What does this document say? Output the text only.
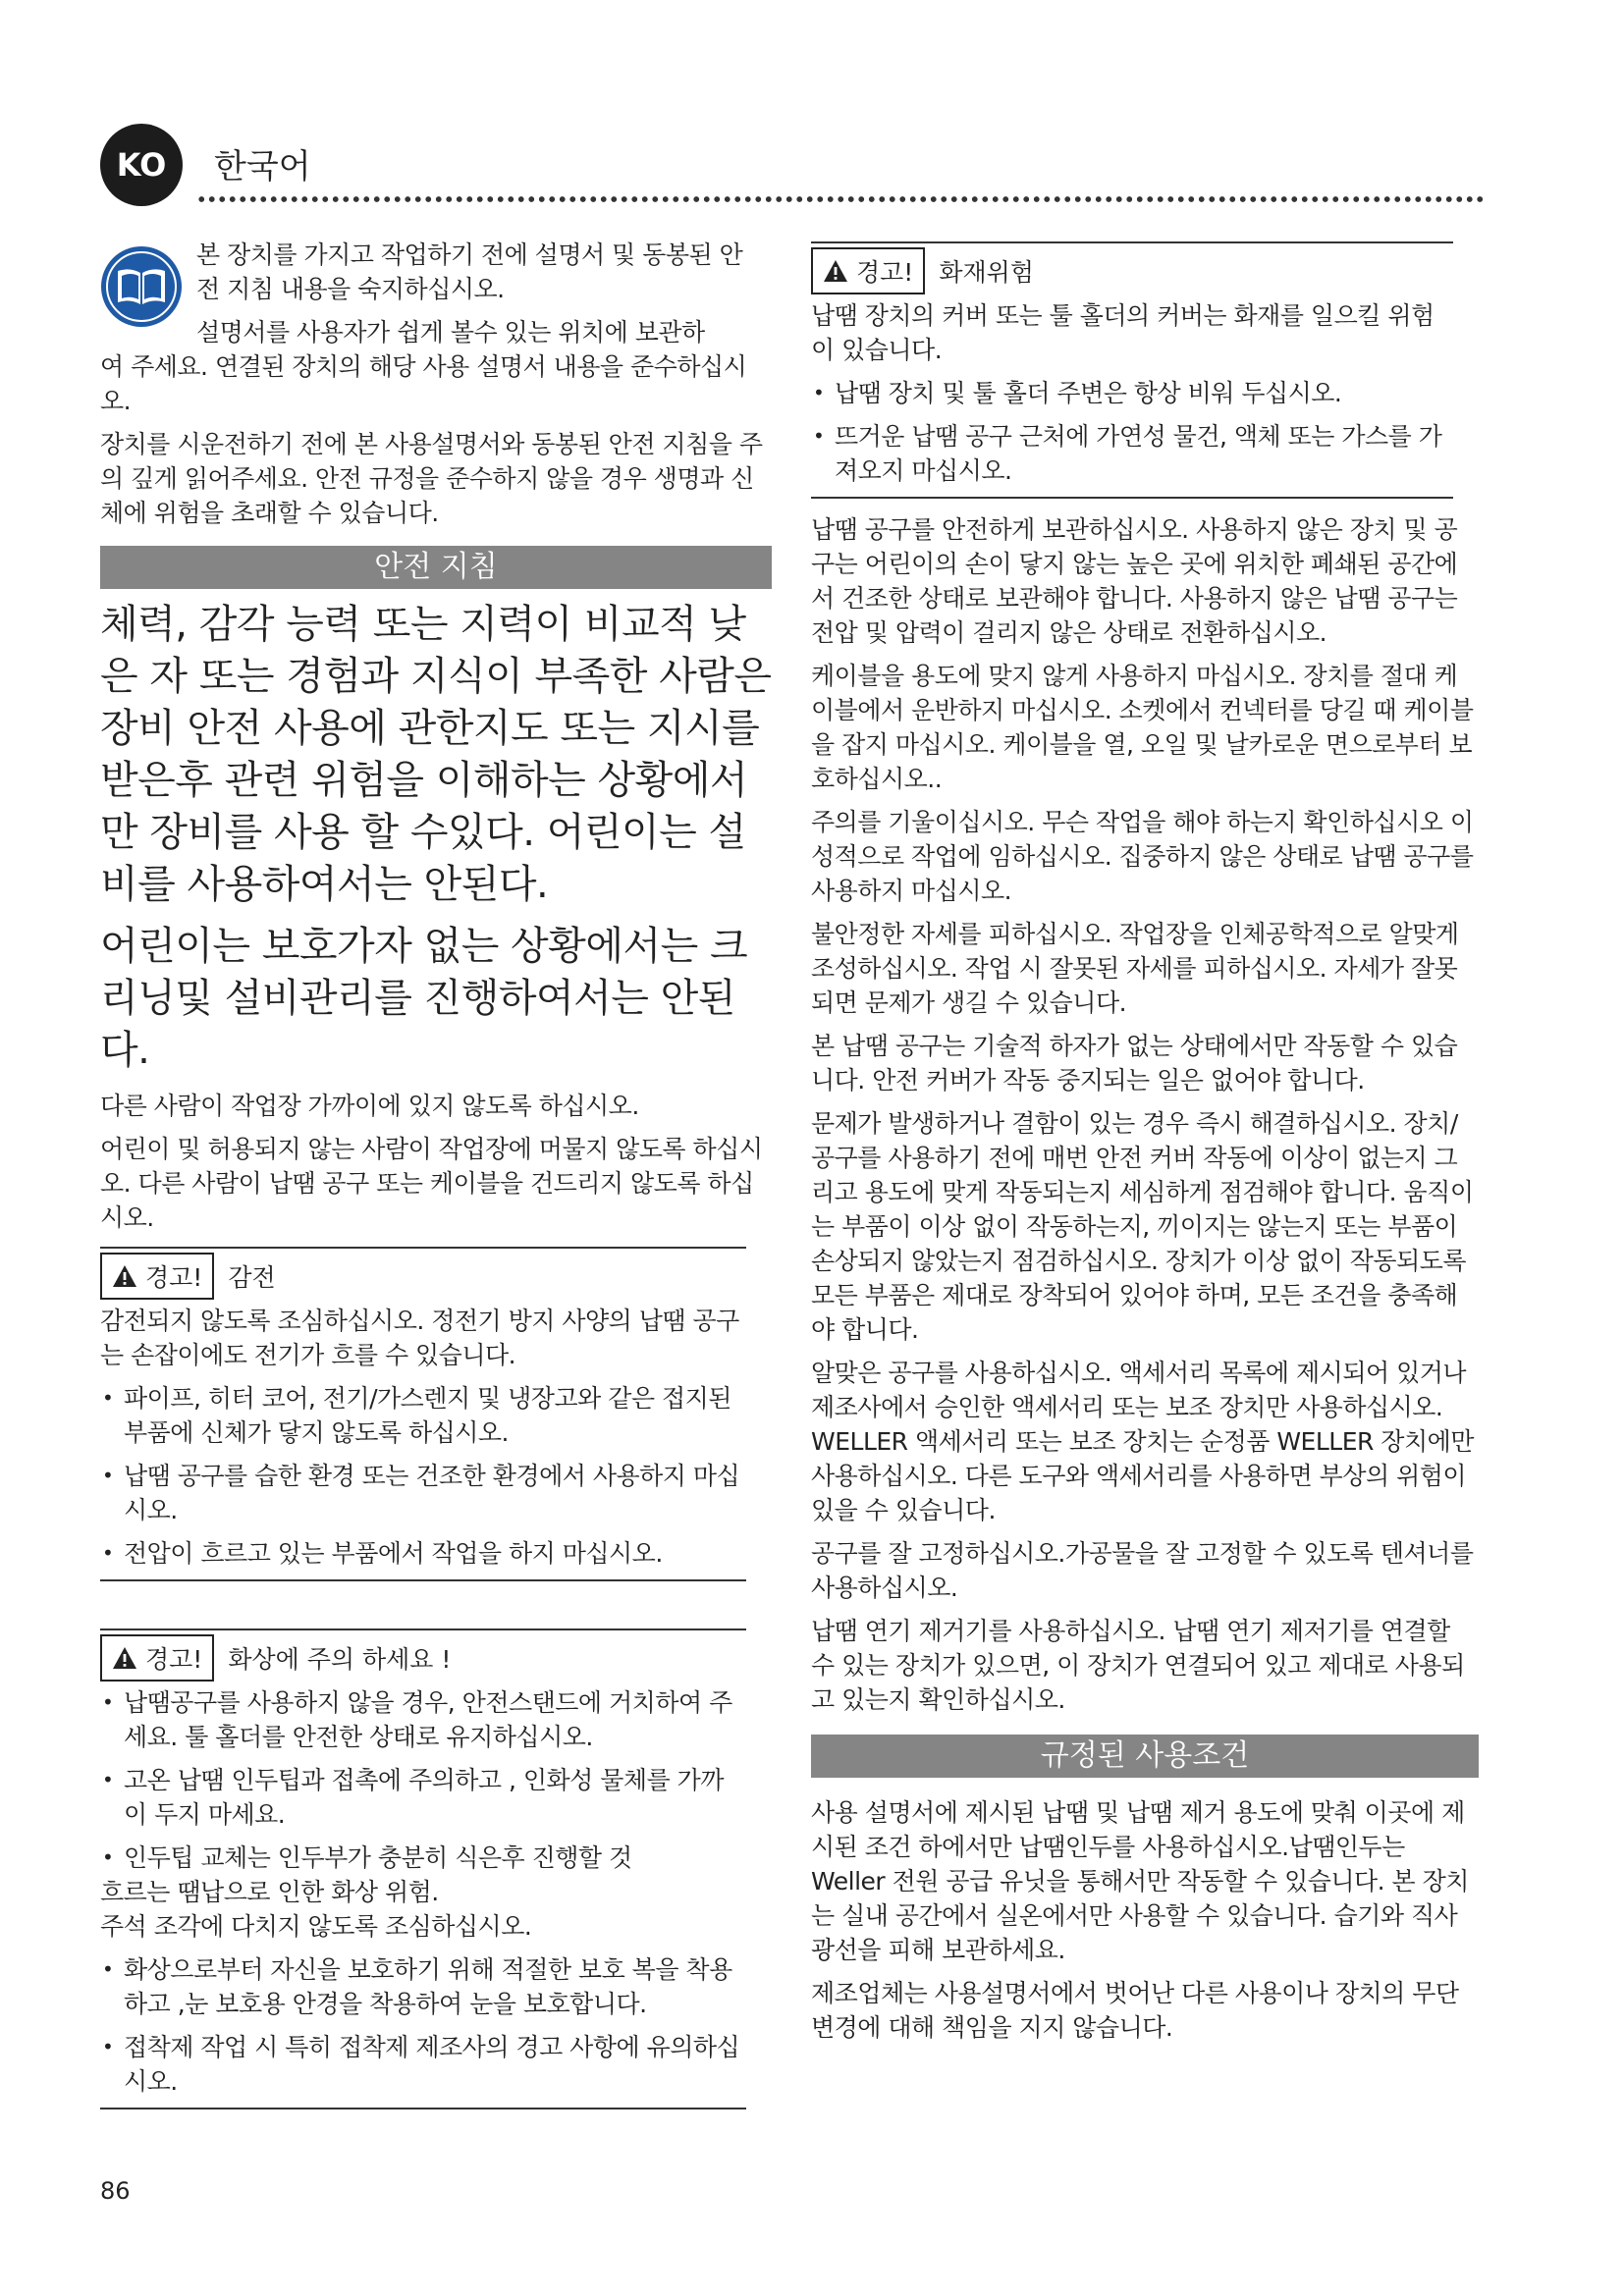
KO	한국어

본 장치를 가지고 작업하기 전에 설명서 및 동봉된 안

전 지침 내용을 숙지하십시오.

설명서를 사용자가 쉽게 볼수 있는 위치에 보관하

여 주세요. 연결된 장치의 해당 사용 설명서 내용을 준수하십시오.

장치를 시운전하기 전에 본 사용설명서와 동봉된 안전 지침을 주의 깊게 읽어주세요. 안전 규정을 준수하지 않을 경우 생명과 신체에 위험을 초래할 수 있습니다.

안전 지침

체력, 감각 능력 또는 지력이 비교적 낮은 자 또는 경험과 지식이 부족한 사람은 장비 안전 사용에 관한지도 또는 지시를 받은후 관련 위험을 이해하는 상황에서만 장비를 사용 할 수있다. 어린이는 설비를 사용하여서는 안된다.

어린이는 보호가자 없는 상황에서는 크리닝및 설비관리를 진행하여서는 안된다.

다른 사람이 작업장 가까이에 있지 않도록 하십시오.

어린이 및 허용되지 않는 사람이 작업장에 머물지 않도록 하십시오. 다른 사람이 납땜 공구 또는 케이블을 건드리지 않도록 하십시오.

경고! 감전

감전되지 않도록 조심하십시오. 정전기 방지 사양의 납땜 공구는 손잡이에도 전기가 흐를 수 있습니다.

• 파이프, 히터 코어, 전기/가스렌지 및 냉장고와 같은 접지된 부품에 신체가 닿지 않도록 하십시오.
• 납땜 공구를 습한 환경 또는 건조한 환경에서 사용하지 마십시오.
• 전압이 흐르고 있는 부품에서 작업을 하지 마십시오.
경고! 화상에 주의 하세요 !
• 납땜공구를 사용하지 않을 경우, 안전스탠드에 거치하여 주세요. 툴 홀더를 안전한 상태로 유지하십시오.
• 고온 납땜 인두팁과 접촉에 주의하고 , 인화성 물체를 가까이 두지 마세요.
• 인두팁 교체는 인두부가 충분히 식은후 진행할 것

흐르는 땜납으로 인한 화상 위험.

주석 조각에 다치지 않도록 조심하십시오.

• 화상으로부터 자신을 보호하기 위해 적절한 보호 복을 착용 하고 ,눈 보호용 안경을 착용하여 눈을 보호합니다.
• 접착제 작업 시 특히 접착제 제조사의 경고 사항에 유의하십시오.
경고! 화재위험

납땜 장치의 커버 또는 툴 홀더의 커버는 화재를 일으킬 위험이 있습니다.

• 납땜 장치 및 툴 홀더 주변은 항상 비워 두십시오.
• 뜨거운 납땜 공구 근처에 가연성 물건, 액체 또는 가스를 가져오지 마십시오.

납땜 공구를 안전하게 보관하십시오. 사용하지 않은 장치 및 공구는 어린이의 손이 닿지 않는 높은 곳에 위치한 폐쇄된 공간에서 건조한 상태로 보관해야 합니다. 사용하지 않은 납땜 공구는 전압 및 압력이 걸리지 않은 상태로 전환하십시오.

케이블을 용도에 맞지 않게 사용하지 마십시오. 장치를 절대 케이블에서 운반하지 마십시오. 소켓에서 컨넥터를 당길 때 케이블을 잡지 마십시오. 케이블을 열, 오일 및 날카로운 면으로부터 보호하십시오..

주의를 기울이십시오. 무슨 작업을 해야 하는지 확인하십시오 이성적으로 작업에 임하십시오. 집중하지 않은 상태로 납땜 공구를 사용하지 마십시오.

불안정한 자세를 피하십시오. 작업장을 인체공학적으로 알맞게 조성하십시오. 작업 시 잘못된 자세를 피하십시오. 자세가 잘못되면 문제가 생길 수 있습니다.

본 납땜 공구는 기술적 하자가 없는 상태에서만 작동할 수 있습니다. 안전 커버가 작동 중지되는 일은 없어야 합니다.

문제가 발생하거나 결함이 있는 경우 즉시 해결하십시오. 장치/공구를 사용하기 전에 매번 안전 커버 작동에 이상이 없는지 그리고 용도에 맞게 작동되는지 세심하게 점검해야 합니다. 움직이는 부품이 이상 없이 작동하는지, 끼이지는 않는지 또는 부품이 손상되지 않았는지 점검하십시오. 장치가 이상 없이 작동되도록 모든 부품은 제대로 장착되어 있어야 하며, 모든 조건을 충족해야 합니다.

알맞은 공구를 사용하십시오. 액세서리 목록에 제시되어 있거나 제조사에서 승인한 액세서리 또는 보조 장치만 사용하십시오. WELLER 액세서리 또는 보조 장치는 순정품 WELLER 장치에만 사용하십시오. 다른 도구와 액세서리를 사용하면 부상의 위험이 있을 수 있습니다.

공구를 잘 고정하십시오.가공물을 잘 고정할 수 있도록 텐셔너를 사용하십시오.

납땜 연기 제거기를 사용하십시오. 납땜 연기 제저기를 연결할 수 있는 장치가 있으면, 이 장치가 연결되어 있고 제대로 사용되고 있는지 확인하십시오.

규정된 사용조건

사용 설명서에 제시된 납땜 및 납땜 제거 용도에 맞춰 이곳에 제시된 조건 하에서만 납땜인두를 사용하십시오.납땜인두는 Weller 전원 공급 유닛을 통해서만 작동할 수 있습니다. 본 장치는 실내 공간에서 실온에서만 사용할 수 있습니다. 습기와 직사광선을 피해 보관하세요.

제조업체는 사용설명서에서 벗어난 다른 사용이나 장치의 무단 변경에 대해 책임을 지지 않습니다.

86
